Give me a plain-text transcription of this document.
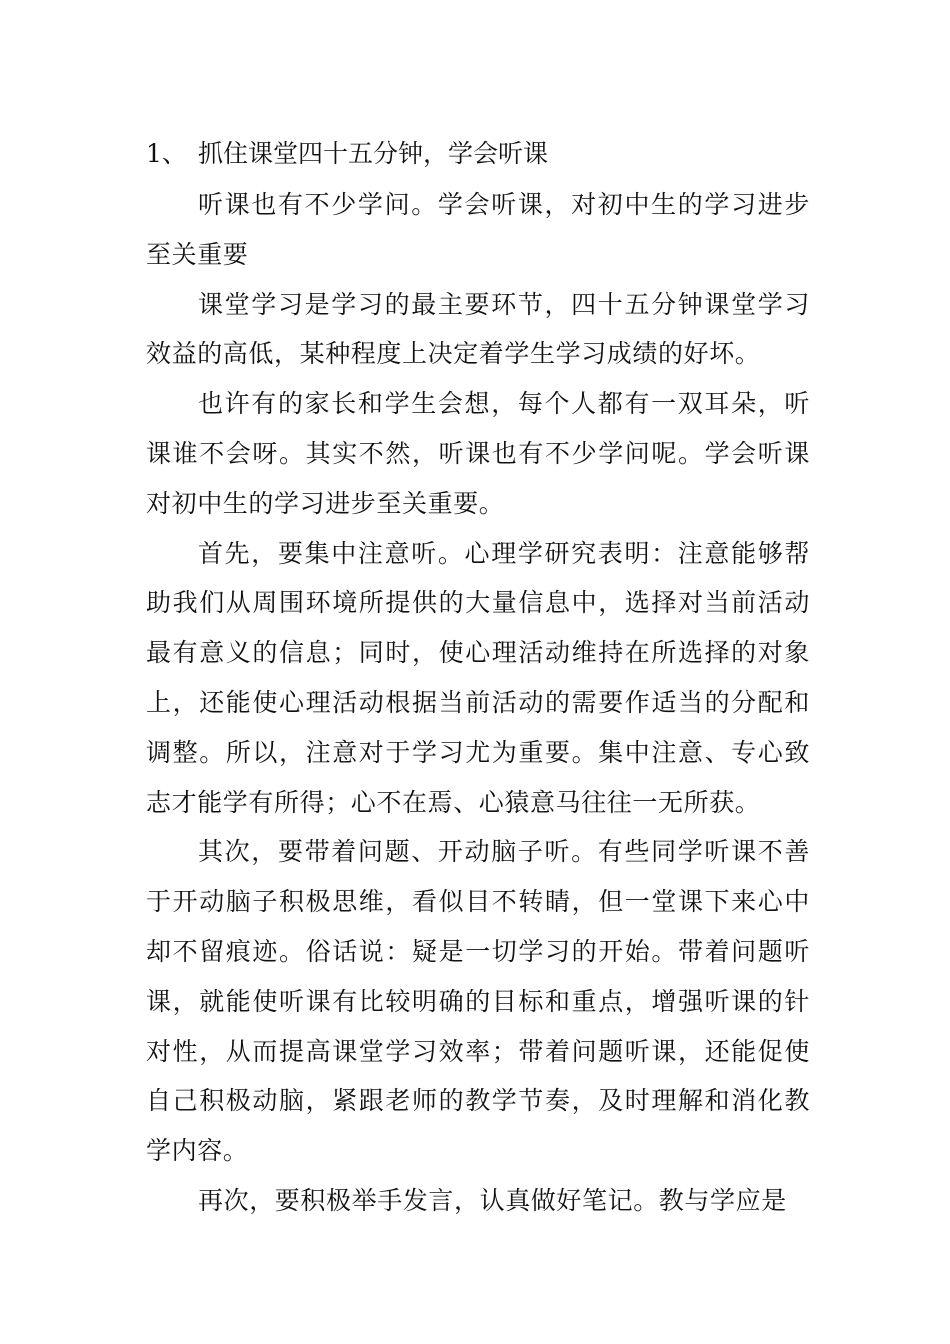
1、 抓住课堂四十五分钟，学会听课

听课也有不少学问。学会听课，对初中生的学习进步至关重要

课堂学习是学习的最主要环节，四十五分钟课堂学习效益的高低，某种程度上决定着学生学习成绩的好坏。

也许有的家长和学生会想，每个人都有一双耳朵，听课谁不会呀。其实不然，听课也有不少学问呢。学会听课对初中生的学习进步至关重要。

首先，要集中注意听。心理学研究表明：注意能够帮助我们从周围环境所提供的大量信息中，选择对当前活动最有意义的信息；同时，使心理活动维持在所选择的对象上，还能使心理活动根据当前活动的需要作适当的分配和调整。所以，注意对于学习尤为重要。集中注意、专心致志才能学有所得；心不在焉、心猿意马往往一无所获。

其次，要带着问题、开动脑子听。有些同学听课不善于开动脑子积极思维，看似目不转睛，但一堂课下来心中却不留痕迹。俗话说：疑是一切学习的开始。带着问题听课，就能使听课有比较明确的目标和重点，增强听课的针对性，从而提高课堂学习效率；带着问题听课，还能促使自己积极动脑，紧跟老师的教学节奏，及时理解和消化教学内容。

再次，要积极举手发言，认真做好笔记。教与学应是
